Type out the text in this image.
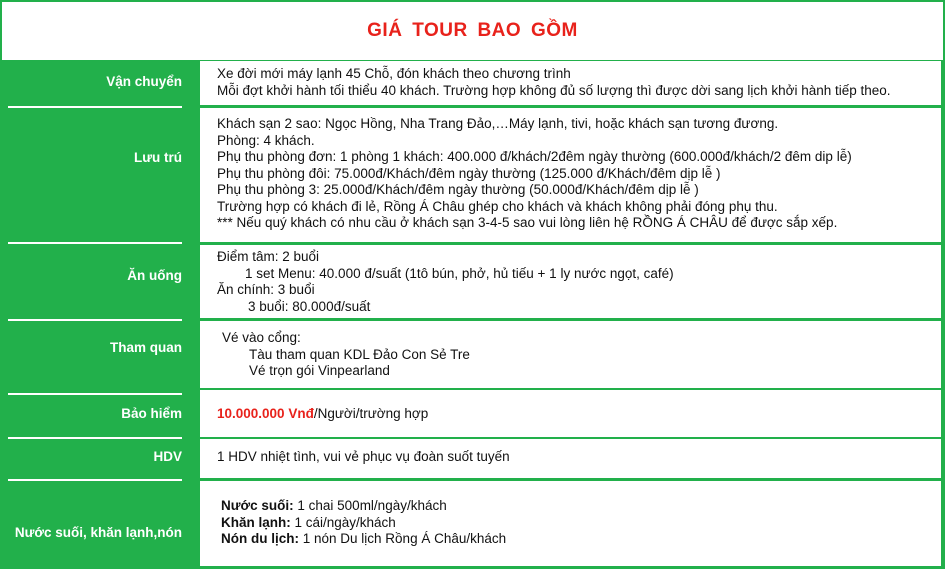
GIÁ TOUR BAO GỒM
Vận chuyển
Xe đời mới máy lạnh 45 Chỗ, đón khách theo chương trình
Mỗi đợt khởi hành tối thiểu 40 khách. Trường hợp không đủ số lượng thì được dời sang lịch khởi hành tiếp theo.
Lưu trú
Khách sạn 2 sao: Ngọc Hồng, Nha Trang Đảo,…Máy lạnh, tivi, hoặc khách sạn tương đương.
Phòng: 4 khách.
Phụ thu phòng đơn: 1 phòng 1 khách: 400.000 đ/khách/2đêm ngày thường (600.000đ/khách/2 đêm dip lễ)
Phụ thu phòng đôi: 75.000đ/Khách/đêm ngày thường (125.000 đ/Khách/đêm dịp lễ )
Phụ thu phòng 3: 25.000đ/Khách/đêm ngày thường (50.000đ/Khách/đêm dịp lễ )
Trường hợp có khách đi lẻ, Rồng Á Châu ghép cho khách và khách không phải đóng phụ thu.
*** Nếu quý khách có nhu cầu ở khách sạn 3-4-5 sao vui lòng liên hệ RỒNG Á CHÂU để được sắp xếp.
Ăn uống
Điểm tâm: 2 buổi
1 set Menu: 40.000 đ/suất (1tô bún, phở, hủ tiếu + 1 ly nước ngọt, café)
Ăn chính: 3 buổi
3 buổi: 80.000đ/suất
Tham quan
Vé vào cổng:
Tàu tham quan KDL Đảo Con Sẻ Tre
Vé trọn gói Vinpearland
Bảo hiểm	10.000.000 Vnđ/Người/trường hợp
HDV	1 HDV nhiệt tình, vui vẻ phục vụ đoàn suốt tuyến
Nước suối, khăn lạnh,nón
Nước suối: 1 chai 500ml/ngày/khách
Khăn lạnh: 1 cái/ngày/khách
Nón du lịch: 1 nón Du lịch Rồng Á Châu/khách
